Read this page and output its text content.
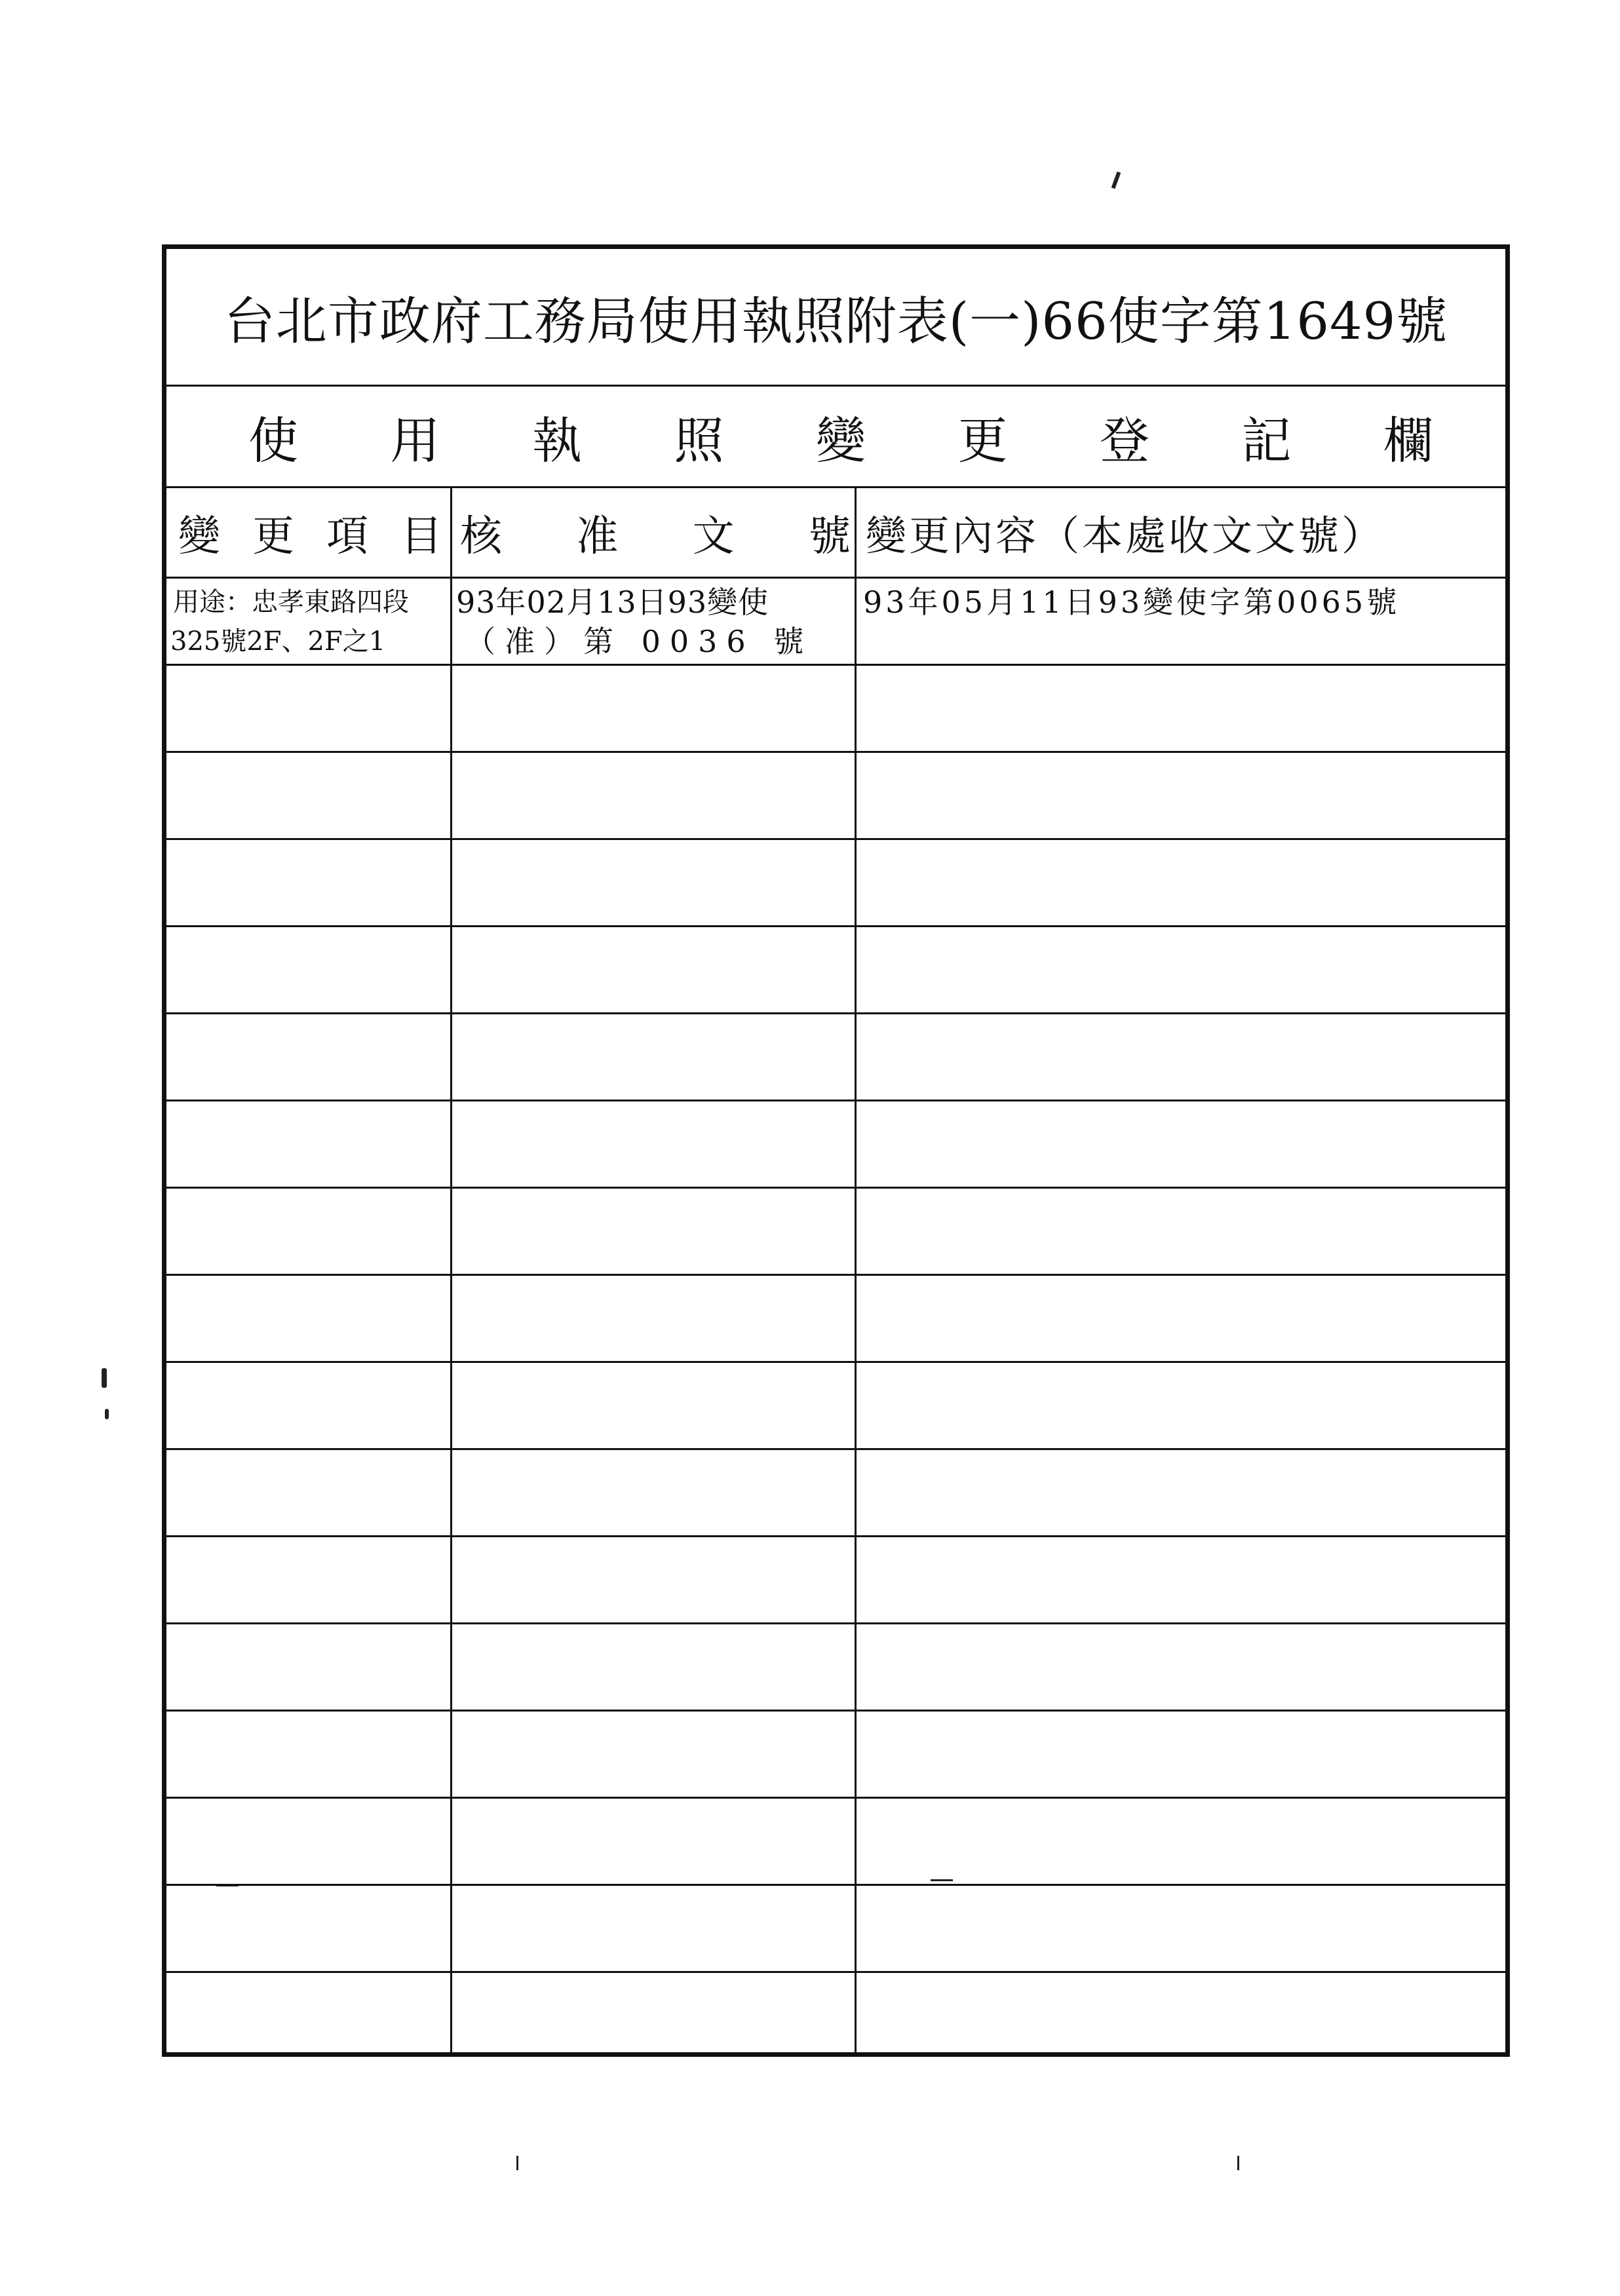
台北市政府工務局使用執照附表(一)66使字第1649號
使 用 執 照 變 更 登 記 欄
變 更 項 目 核 准 文 號 變更內容（本處收文文號）
用途：忠孝東路四段
325號2F、2F之1
93年02月13日93變使
（准）第 0036 號
93年05月11日93變使字第0065號
